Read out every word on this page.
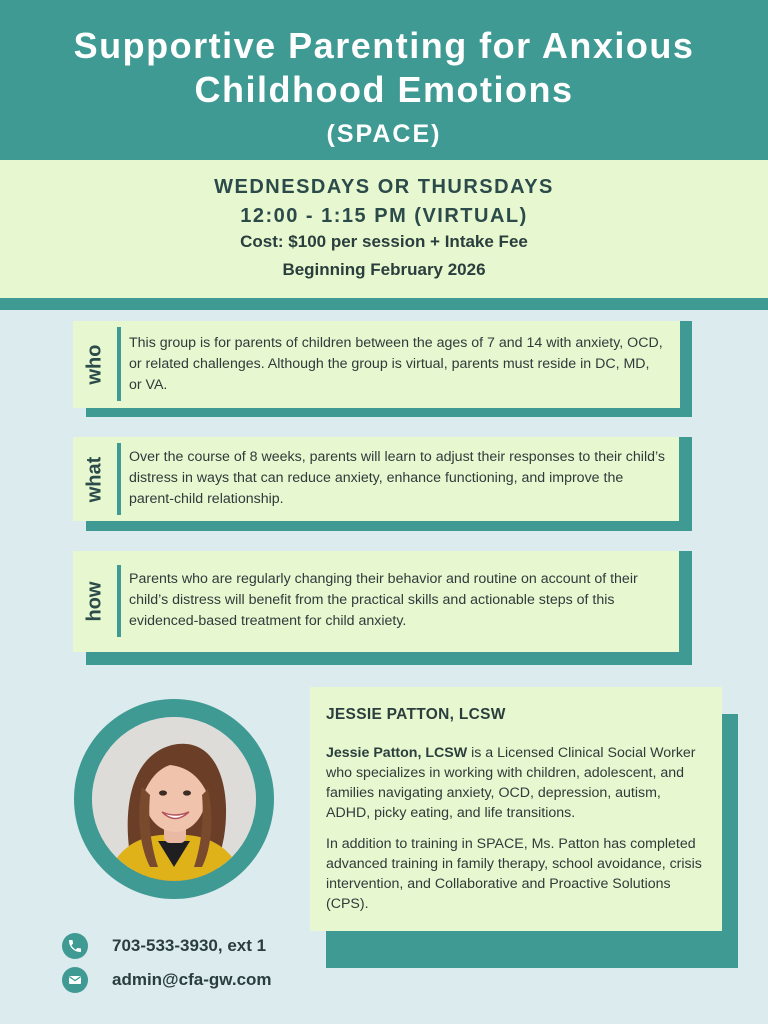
Supportive Parenting for Anxious
Childhood Emotions
(SPACE)
WEDNESDAYS OR THURSDAYS
12:00 - 1:15 PM (VIRTUAL)
Cost: $100 per session + Intake Fee
Beginning February 2026
who
This group is for parents of children between the ages of 7 and 14 with anxiety, OCD, or related challenges. Although the group is virtual, parents must reside in DC, MD, or VA.
what Over the course of 8 weeks, parents will learn to adjust their responses to their child’s distress in ways that can reduce anxiety, enhance functioning, and improve the parent-child relationship.
how
Parents who are regularly changing their behavior and routine on account of their child’s distress will benefit from the practical skills and actionable steps of this evidenced-based treatment for child anxiety.
JESSIE PATTON, LCSW

Jessie Patton, LCSW is a Licensed Clinical Social Worker who specializes in working with children, adolescent, and families navigating anxiety, OCD, depression, autism, ADHD, picky eating, and life transitions.

In addition to training in SPACE, Ms. Patton has completed advanced training in family therapy, school avoidance, crisis intervention, and Collaborative and Proactive Solutions (CPS).

703-533-3930, ext 1
admin@cfa-gw.com
